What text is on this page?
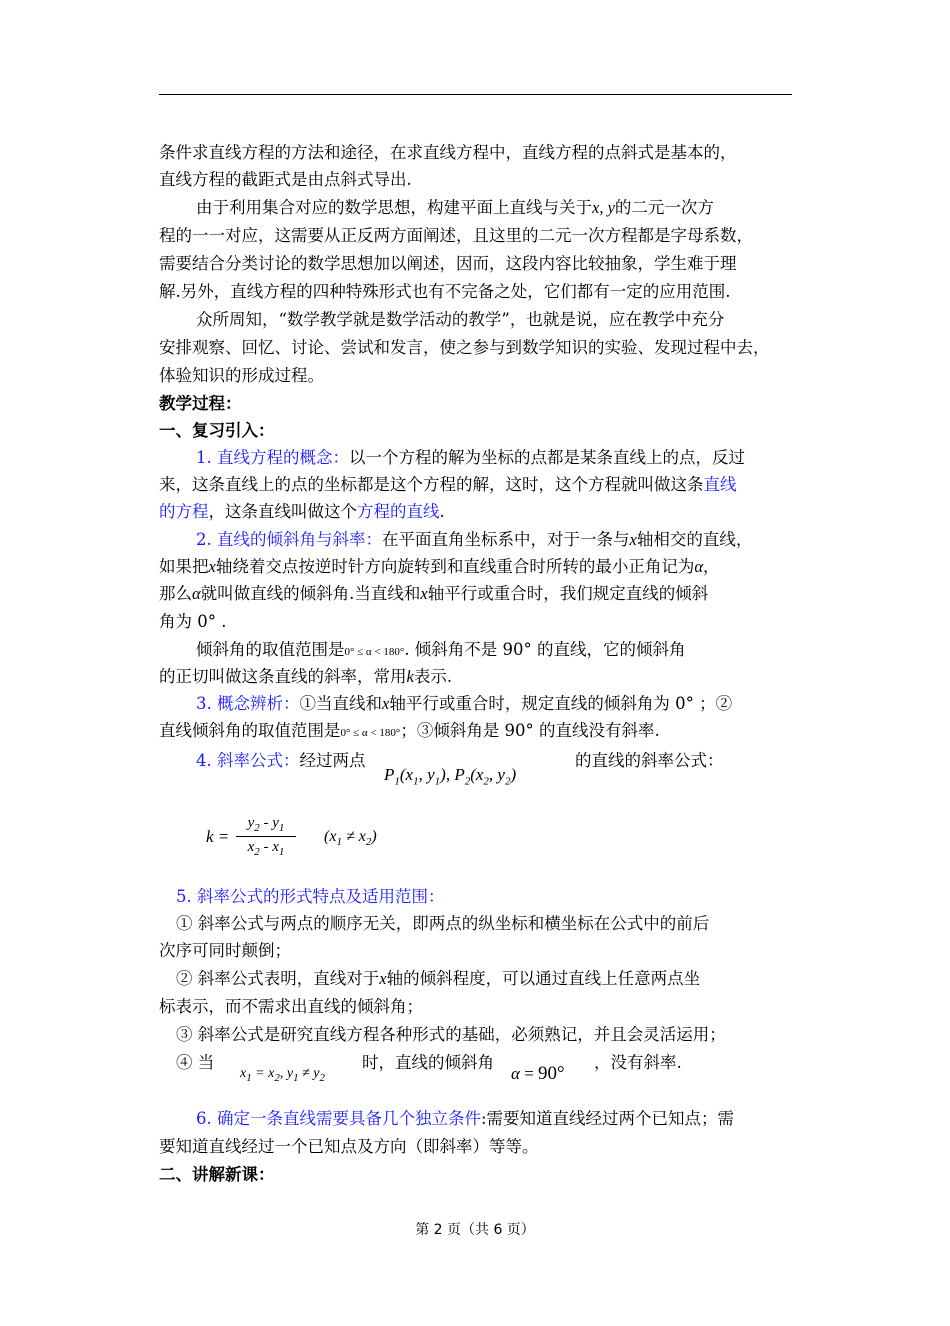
条件求直线方程的方法和途径，在求直线方程中，直线方程的点斜式是基本的，
直线方程的截距式是由点斜式导出.
由于利用集合对应的数学思想，构建平面上直线与关于x, y的二元一次方
程的一一对应，这需要从正反两方面阐述，且这里的二元一次方程都是字母系数，
需要结合分类讨论的数学思想加以阐述，因而，这段内容比较抽象，学生难于理
解.另外，直线方程的四种特殊形式也有不完备之处，它们都有一定的应用范围.
众所周知，“数学教学就是数学活动的教学”，也就是说，应在教学中充分
安排观察、回忆、讨论、尝试和发言，使之参与到数学知识的实验、发现过程中去，
体验知识的形成过程。
教学过程：
一、复习引入：
1. 直线方程的概念：以一个方程的解为坐标的点都是某条直线上的点，反过
来，这条直线上的点的坐标都是这个方程的解，这时，这个方程就叫做这条直线
的方程，这条直线叫做这个方程的直线.
2. 直线的倾斜角与斜率：在平面直角坐标系中，对于一条与x轴相交的直线，
如果把x轴绕着交点按逆时针方向旋转到和直线重合时所转的最小正角记为α，
那么α就叫做直线的倾斜角.当直线和x轴平行或重合时，我们规定直线的倾斜
角为 0° .
倾斜角的取值范围是0° ≤ α < 180°. 倾斜角不是 90° 的直线，它的倾斜角
的正切叫做这条直线的斜率，常用k表示.
3. 概念辨析：①当直线和x轴平行或重合时，规定直线的倾斜角为 0° ；②
直线倾斜角的取值范围是0° ≤ α < 180°；③倾斜角是 90° 的直线没有斜率.
4. 斜率公式：经过两点
$P_1(x_1$, $y_1$), $P_2(x_2$, $y_2$)
的直线的斜率公式：
$k = \frac{y_2 - y_1}{x_2 - x_1} (x_1 \ne x_2)$
5. 斜率公式的形式特点及适用范围：
① 斜率公式与两点的顺序无关，即两点的纵坐标和横坐标在公式中的前后
次序可同时颠倒；
② 斜率公式表明，直线对于x轴的倾斜程度，可以通过直线上任意两点坐
标表示，而不需求出直线的倾斜角；
③ 斜率公式是研究直线方程各种形式的基础，必须熟记，并且会灵活运用；
④ 当
$x_1 = x_2$, $y_1 \ne y_2$
时，直线的倾斜角
α = 90°
，没有斜率.
6. 确定一条直线需要具备几个独立条件:需要知道直线经过两个已知点；需
要知道直线经过一个已知点及方向（即斜率）等等。
二、讲解新课：
第 2 页（共 6 页）
